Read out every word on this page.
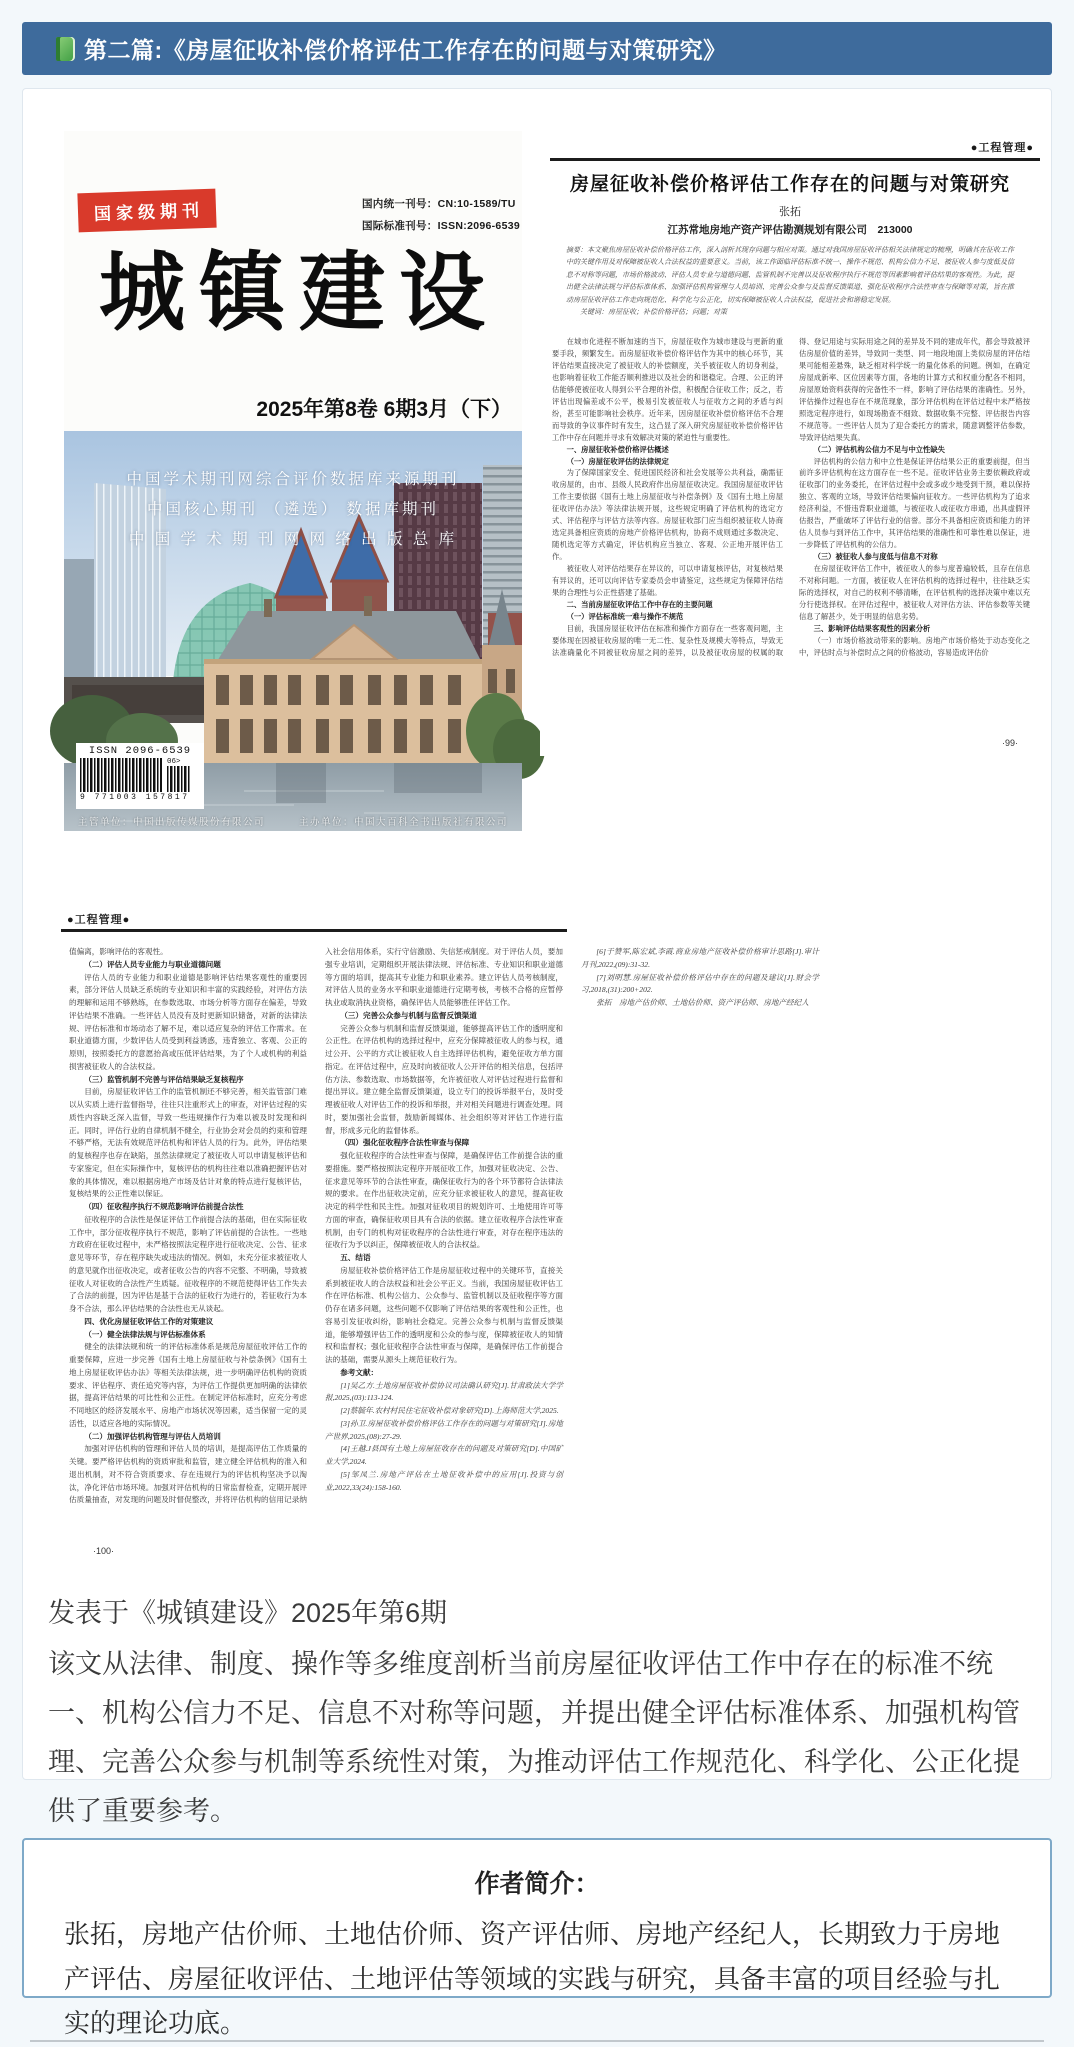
第二篇:《房屋征收补偿价格评估工作存在的问题与对策研究》
国家级期刊	国内统一刊号：CN:10-1589/TU
国际标准刊号：ISSN:2096-6539
城镇建设
2025年第8卷 6期3月（下）
中国学术期刊网综合评价数据库来源期刊
中国核心期刊 （遴选） 数据库期刊
中 国 学 术 期 刊 网 网 络 出 版 总 库
ISSN 2096-6539
06>
9 771003 157817
主管单位：中国出版传媒股份有限公司	主办单位：中国大百科全书出版社有限公司
●工程管理●
房屋征收补偿价格评估工作存在的问题与对策研究
张拓
江苏常地房地产资产评估勘测规划有限公司　213000
摘要：本文聚焦房屋征收补偿价格评估工作，深入剖析其现存问题与相应对策。通过对我国房屋征收评估相关法律规定的梳理，明确其在征收工作中的关键作用及对保障被征收人合法权益的重要意义。当前，该工作面临评估标准不统一、操作不规范、机构公信力不足、被征收人参与度低及信息不对称等问题，市场价格波动、评估人员专业与道德问题、监管机制不完善以及征收程序执行不规范等因素影响着评估结果的客观性。为此，提出健全法律法规与评估标准体系、加强评估机构管理与人员培训、完善公众参与及监督反馈渠道、强化征收程序合法性审查与保障等对策，旨在推动房屋征收评估工作走向规范化、科学化与公正化，切实保障被征收人合法权益，促进社会和谐稳定发展。
关键词：房屋征收；补偿价格评估；问题；对策
在城市化进程不断加速的当下，房屋征收作为城市建设与更新的重要手段，频繁发生。而房屋征收补偿价格评估作为其中的核心环节，其评估结果直接决定了被征收人的补偿额度，关乎被征收人的切身利益，也影响着征收工作能否顺利推进以及社会的和谐稳定。合理、公正的评估能够使被征收人得到公平合理的补偿，积极配合征收工作；反之，若评估出现偏差或不公平，极易引发被征收人与征收方之间的矛盾与纠纷，甚至可能影响社会秩序。近年来，因房屋征收补偿价格评估不合理而导致的争议事件时有发生，这凸显了深入研究房屋征收补偿价格评估工作中存在问题并寻求有效解决对策的紧迫性与重要性。
一、房屋征收补偿价格评估概述
（一）房屋征收评估的法律规定
为了保障国家安全、促进国民经济和社会发展等公共利益，确需征收房屋的，由市、县级人民政府作出房屋征收决定。我国房屋征收评估工作主要依据《国有土地上房屋征收与补偿条例》及《国有土地上房屋征收评估办法》等法律法规开展，这些规定明确了评估机构的选定方式、评估程序与评估方法等内容。房屋征收部门应当组织被征收人协商选定具备相应资质的房地产价格评估机构，协商不成则通过多数决定、随机选定等方式确定，评估机构应当独立、客观、公正地开展评估工作。
被征收人对评估结果存在异议的，可以申请复核评估，对复核结果有异议的，还可以向评估专家委员会申请鉴定，这些规定为保障评估结果的合理性与公正性搭建了基础。
二、当前房屋征收评估工作中存在的主要问题
（一）评估标准统一难与操作不规范
目前，我国房屋征收评估在标准和操作方面存在一些客观问题，主要体现在因被征收房屋的唯一无二性、复杂性及规模大等特点，导致无法准确量化不同被征收房屋之间的差异，以及被征收房屋的权属的取得、登记用途与实际用途之间的差异及不同的建成年代，都会导致被评估房屋价值的差异，导致同一类型、同一地段地面上类似房屋的评估结果可能相差悬殊，缺乏相对科学统一的量化体系的问题。例如，在确定房屋成新率、区位因素等方面，各地的计算方式和权重分配各不相同，房屋原始资料获得的完备性不一样，影响了评估结果的准确性。另外，评估操作过程也存在不规范现象，部分评估机构在评估过程中未严格按照选定程序进行，如现场勘查不细致、数据收集不完整、评估报告内容不规范等。一些评估人员为了迎合委托方的需求，随意调整评估参数，导致评估结果失真。
（二）评估机构公信力不足与中立性缺失
评估机构的公信力和中立性是保证评估结果公正的重要前提，但当前许多评估机构在这方面存在一些不足。征收评估业务主要依赖政府或征收部门的业务委托，在评估过程中会或多或少地受到干预，难以保持独立、客观的立场，导致评估结果偏向征收方。一些评估机构为了追求经济利益，不惜违背职业道德，与被征收人或征收方串通，出具虚假评估报告，严重破坏了评估行业的信誉。部分不具备相应资质和能力的评估人员参与到评估工作中，其评估结果的准确性和可靠性难以保证，进一步降低了评估机构的公信力。
（三）被征收人参与度低与信息不对称
在房屋征收评估工作中，被征收人的参与度普遍较低，且存在信息不对称问题。一方面，被征收人在评估机构的选择过程中，往往缺乏实际的选择权，对自己的权利不够清晰，在评估机构的选择决策中难以充分行使选择权。在评估过程中，被征收人对评估方法、评估参数等关键信息了解甚少，处于明显的信息劣势。
三、影响评估结果客观性的因素分析
（一）市场价格波动带来的影响。房地产市场价格处于动态变化之中，评估时点与补偿时点之间的价格波动，容易造成评估价
·99·
●工程管理●
值偏离，影响评估的客观性。
（二）评估人员专业能力与职业道德问题
评估人员的专业能力和职业道德是影响评估结果客观性的重要因素，部分评估人员缺乏系统的专业知识和丰富的实践经验，对评估方法的理解和运用不够熟练，在参数选取、市场分析等方面存在偏差，导致评估结果不准确。一些评估人员没有及时更新知识储备，对新的法律法规、评估标准和市场动态了解不足，难以适应复杂的评估工作需求。在职业道德方面，少数评估人员受到利益诱惑，违背独立、客观、公正的原则，按照委托方的意愿抬高或压低评估结果，为了个人或机构的利益损害被征收人的合法权益。
（三）监管机制不完善与评估结果缺乏复核程序
目前，房屋征收评估工作的监管机制还不够完善，相关监管部门难以从实质上进行监督指导，往往只注重形式上的审查，对评估过程的实质性内容缺乏深入监督，导致一些违规操作行为难以被及时发现和纠正。同时，评估行业的自律机制不健全，行业协会对会员的约束和管理不够严格，无法有效规范评估机构和评估人员的行为。此外，评估结果的复核程序也存在缺陷，虽然法律规定了被征收人可以申请复核评估和专家鉴定，但在实际操作中，复核评估的机构往往难以准确把握评估对象的具体情况，难以根据房地产市场及估计对象的特点进行复核评估，复核结果的公正性难以保证。
（四）征收程序执行不规范影响评估前提合法性
征收程序的合法性是保证评估工作前提合法的基础，但在实际征收工作中，部分征收程序执行不规范，影响了评估前提的合法性。一些地方政府在征收过程中，未严格按照法定程序进行征收决定、公告、征求意见等环节，存在程序缺失或违法的情况。例如，未充分征求被征收人的意见就作出征收决定，或者征收公告的内容不完整、不明确，导致被征收人对征收的合法性产生质疑。征收程序的不规范使得评估工作失去了合法的前提，因为评估是基于合法的征收行为进行的，若征收行为本身不合法，那么评估结果的合法性也无从谈起。
四、优化房屋征收评估工作的对策建议
（一）健全法律法规与评估标准体系
健全的法律法规和统一的评估标准体系是规范房屋征收评估工作的重要保障，应进一步完善《国有土地上房屋征收与补偿条例》《国有土地上房屋征收评估办法》等相关法律法规，进一步明确评估机构的资质要求、评估程序、责任追究等内容，为评估工作提供更加明确的法律依据，提高评估结果的可比性和公正性。在制定评估标准时，应充分考虑不同地区的经济发展水平、房地产市场状况等因素，适当保留一定的灵活性，以适应各地的实际情况。
（二）加强评估机构管理与评估人员培训
加强对评估机构的管理和评估人员的培训，是提高评估工作质量的关键。要严格评估机构的资质审批和监管，建立健全评估机构的准入和退出机制，对不符合资质要求、存在违规行为的评估机构坚决予以淘汰，净化评估市场环境。加强对评估机构的日常监督检查，定期开展评估质量抽查，对发现的问题及时督促整改，并将评估机构的信用记录纳入社会信用体系，实行守信激励、失信惩戒制度。对于评估人员，要加强专业培训，定期组织开展法律法规、评估标准、专业知识和职业道德等方面的培训，提高其专业能力和职业素养。建立评估人员考核制度，对评估人员的业务水平和职业道德进行定期考核，考核不合格的应暂停执业或取消执业资格，确保评估人员能够胜任评估工作。
（三）完善公众参与机制与监督反馈渠道
完善公众参与机制和监督反馈渠道，能够提高评估工作的透明度和公正性。在评估机构的选择过程中，应充分保障被征收人的参与权，通过公开、公平的方式让被征收人自主选择评估机构，避免征收方单方面指定。在评估过程中，应及时向被征收人公开评估的相关信息，包括评估方法、参数选取、市场数据等，允许被征收人对评估过程进行监督和提出异议。建立健全监督反馈渠道，设立专门的投诉举报平台，及时受理被征收人对评估工作的投诉和举报，并对相关问题进行调查处理。同时，要加强社会监督，鼓励新闻媒体、社会组织等对评估工作进行监督，形成多元化的监督体系。
（四）强化征收程序合法性审查与保障
强化征收程序的合法性审查与保障，是确保评估工作前提合法的重要措施。要严格按照法定程序开展征收工作，加强对征收决定、公告、征求意见等环节的合法性审查，确保征收行为的各个环节都符合法律法规的要求。在作出征收决定前，应充分征求被征收人的意见，提高征收决定的科学性和民主性。加强对征收项目的规划许可、土地使用许可等方面的审查，确保征收项目具有合法的依据。建立征收程序合法性审查机制，由专门的机构对征收程序的合法性进行审查，对存在程序违法的征收行为予以纠正，保障被征收人的合法权益。
五、结语
房屋征收补偿价格评估工作是房屋征收过程中的关键环节，直接关系到被征收人的合法权益和社会公平正义。当前，我国房屋征收评估工作在评估标准、机构公信力、公众参与、监管机制以及征收程序等方面仍存在诸多问题，这些问题不仅影响了评估结果的客观性和公正性，也容易引发征收纠纷，影响社会稳定。完善公众参与机制与监督反馈渠道，能够增强评估工作的透明度和公众的参与度，保障被征收人的知情权和监督权；强化征收程序合法性审查与保障，是确保评估工作前提合法的基础，需要从源头上规范征收行为。
参考文献：
[1]吴乙方.土地房屋征收补偿协议司法确认研究[J].甘肃政法大学学报,2025,(03):113-124.
[2]蔡毓年.农村村民住宅征收补偿对象研究[D].上海师范大学,2025.
[3]孙卫.房屋征收补偿价格评估工作存在的问题与对策研究[J].房地产世界,2025,(08):27-29.
[4]王越.J县国有土地上房屋征收存在的问题及对策研究[D].中国矿业大学,2024.
[5]邹凤兰.房地产评估在土地征收补偿中的应用[J].投资与创业,2022,33(24):158-160.
[6]于赞军,陈宏斌,李霞.商业房地产征收补偿价格审计思路[J].审计月刊,2022,(09):31-32.
[7]刘明慧.房屋征收补偿价格评估中存在的问题及建议[J].财会学习,2018,(31):200+202.
张拓　房地产估价师、土地估价师、资产评估师、房地产经纪人
·100·
发表于《城镇建设》2025年第6期
该文从法律、制度、操作等多维度剖析当前房屋征收评估工作中存在的标准不统一、机构公信力不足、信息不对称等问题，并提出健全评估标准体系、加强机构管理、完善公众参与机制等系统性对策，为推动评估工作规范化、科学化、公正化提供了重要参考。
作者简介：
张拓，房地产估价师、土地估价师、资产评估师、房地产经纪人，长期致力于房地产评估、房屋征收评估、土地评估等领域的实践与研究，具备丰富的项目经验与扎实的理论功底。
